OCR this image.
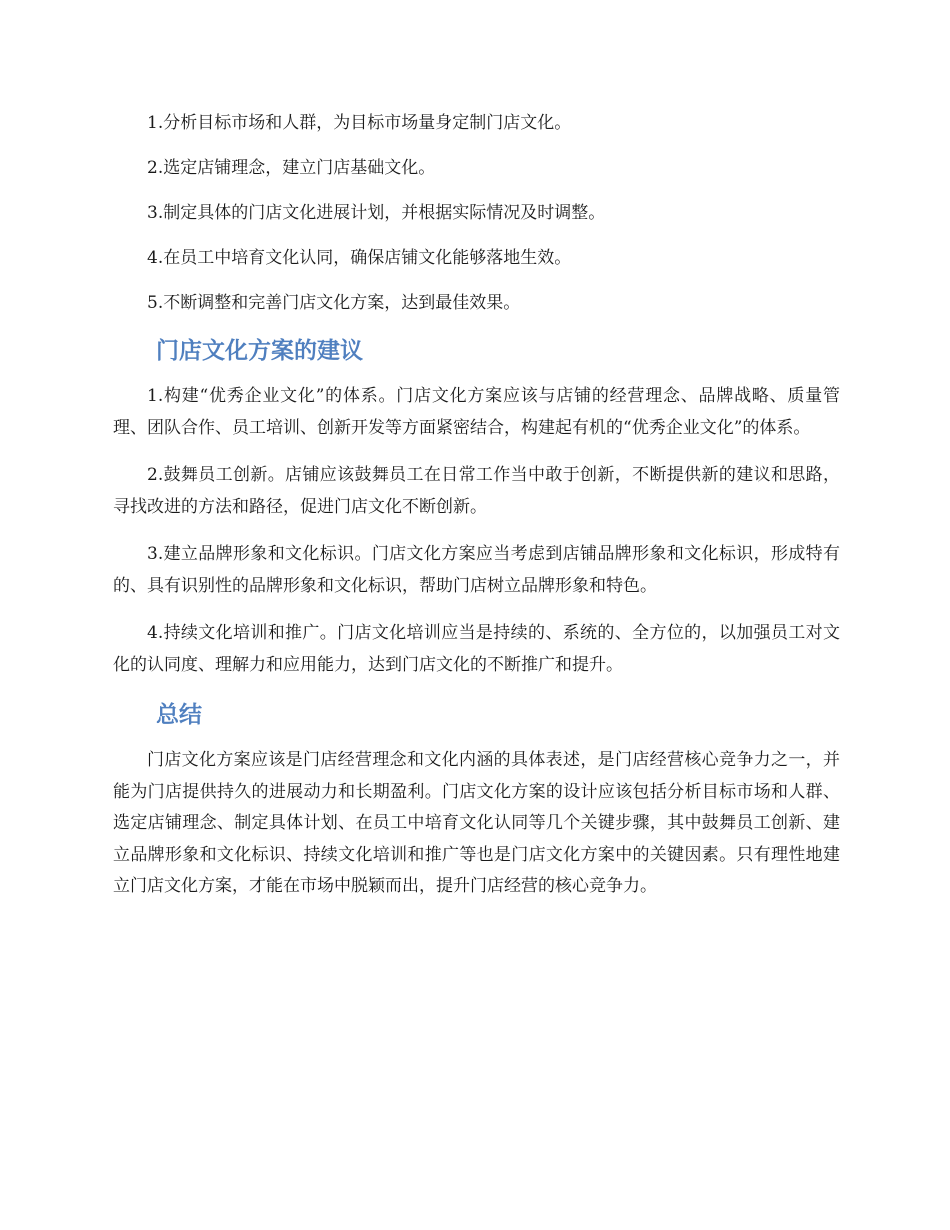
1.分析目标市场和人群，为目标市场量身定制门店文化。

2.选定店铺理念，建立门店基础文化。

3.制定具体的门店文化进展计划，并根据实际情况及时调整。

4.在员工中培育文化认同，确保店铺文化能够落地生效。

5.不断调整和完善门店文化方案，达到最佳效果。

门店文化方案的建议

1.构建“优秀企业文化”的体系。门店文化方案应该与店铺的经营理念、品牌战略、质量管理、团队合作、员工培训、创新开发等方面紧密结合，构建起有机的“优秀企业文化”的体系。

2.鼓舞员工创新。店铺应该鼓舞员工在日常工作当中敢于创新，不断提供新的建议和思路，寻找改进的方法和路径，促进门店文化不断创新。

3.建立品牌形象和文化标识。门店文化方案应当考虑到店铺品牌形象和文化标识，形成特有的、具有识别性的品牌形象和文化标识，帮助门店树立品牌形象和特色。

4.持续文化培训和推广。门店文化培训应当是持续的、系统的、全方位的，以加强员工对文化的认同度、理解力和应用能力，达到门店文化的不断推广和提升。

总结

门店文化方案应该是门店经营理念和文化内涵的具体表述，是门店经营核心竞争力之一，并能为门店提供持久的进展动力和长期盈利。门店文化方案的设计应该包括分析目标市场和人群、选定店铺理念、制定具体计划、在员工中培育文化认同等几个关键步骤，其中鼓舞员工创新、建立品牌形象和文化标识、持续文化培训和推广等也是门店文化方案中的关键因素。只有理性地建立门店文化方案，才能在市场中脱颖而出，提升门店经营的核心竞争力。
